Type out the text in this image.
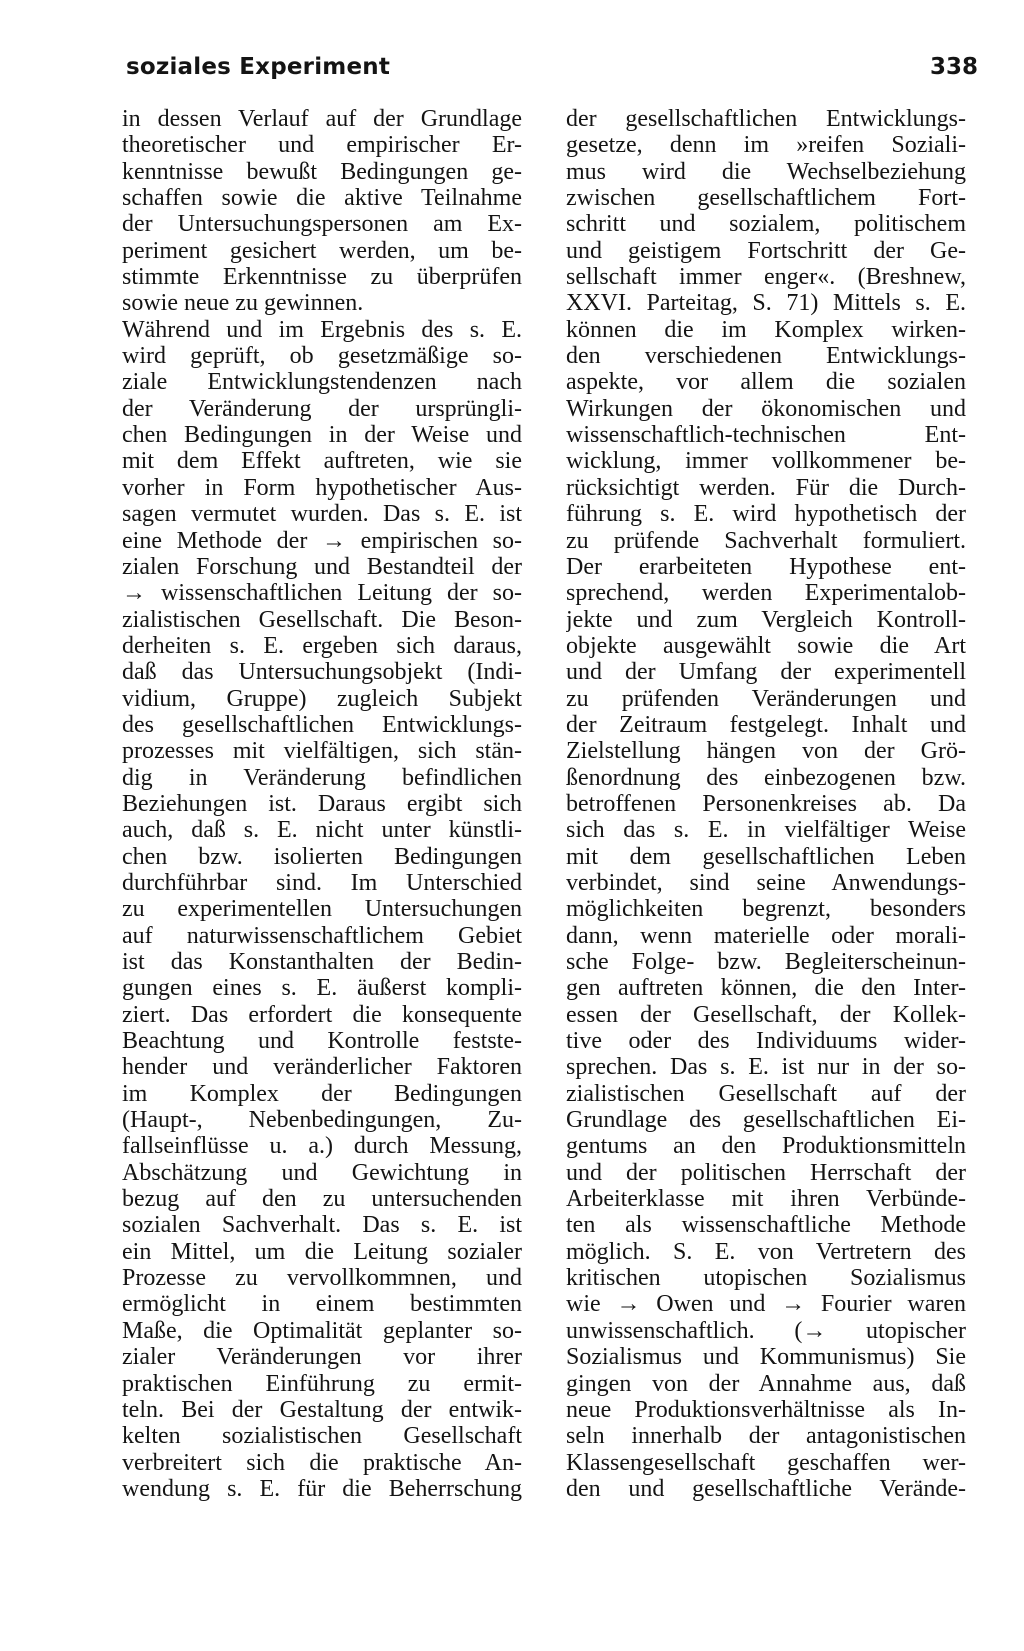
soziales Experiment	338
in dessen Verlauf auf der Grundlage
theoretischer und empirischer Er-
kenntnisse bewußt Bedingungen ge-
schaffen sowie die aktive Teilnahme
der Untersuchungspersonen am Ex-
periment gesichert werden, um be-
stimmte Erkenntnisse zu überprüfen
sowie neue zu gewinnen.
Während und im Ergebnis des s. E.
wird geprüft, ob gesetzmäßige so-
ziale Entwicklungstendenzen nach
der Veränderung der ursprüngli-
chen Bedingungen in der Weise und
mit dem Effekt auftreten, wie sie
vorher in Form hypothetischer Aus-
sagen vermutet wurden. Das s. E. ist
eine Methode der → empirischen so-
zialen Forschung und Bestandteil der
→ wissenschaftlichen Leitung der so-
zialistischen Gesellschaft. Die Beson-
derheiten s. E. ergeben sich daraus,
daß das Untersuchungsobjekt (Indi-
vidium, Gruppe) zugleich Subjekt
des gesellschaftlichen Entwicklungs-
prozesses mit vielfältigen, sich stän-
dig in Veränderung befindlichen
Beziehungen ist. Daraus ergibt sich
auch, daß s. E. nicht unter künstli-
chen bzw. isolierten Bedingungen
durchführbar sind. Im Unterschied
zu experimentellen Untersuchungen
auf naturwissenschaftlichem Gebiet
ist das Konstanthalten der Bedin-
gungen eines s. E. äußerst kompli-
ziert. Das erfordert die konsequente
Beachtung und Kontrolle festste-
hender und veränderlicher Faktoren
im Komplex der Bedingungen
(Haupt-, Nebenbedingungen, Zu-
fallseinflüsse u. a.) durch Messung,
Abschätzung und Gewichtung in
bezug auf den zu untersuchenden
sozialen Sachverhalt. Das s. E. ist
ein Mittel, um die Leitung sozialer
Prozesse zu vervollkommnen, und
ermöglicht in einem bestimmten
Maße, die Optimalität geplanter so-
zialer Veränderungen vor ihrer
praktischen Einführung zu ermit-
teln. Bei der Gestaltung der entwik-
kelten sozialistischen Gesellschaft
verbreitert sich die praktische An-
wendung s. E. für die Beherrschung
der gesellschaftlichen Entwicklungs-
gesetze, denn im »reifen Soziali-
mus wird die Wechselbeziehung
zwischen gesellschaftlichem Fort-
schritt und sozialem, politischem
und geistigem Fortschritt der Ge-
sellschaft immer enger«. (Breshnew,
XXVI. Parteitag, S. 71) Mittels s. E.
können die im Komplex wirken-
den verschiedenen Entwicklungs-
aspekte, vor allem die sozialen
Wirkungen der ökonomischen und
wissenschaftlich-technischen Ent-
wicklung, immer vollkommener be-
rücksichtigt werden. Für die Durch-
führung s. E. wird hypothetisch der
zu prüfende Sachverhalt formuliert.
Der erarbeiteten Hypothese ent-
sprechend, werden Experimentalob-
jekte und zum Vergleich Kontroll-
objekte ausgewählt sowie die Art
und der Umfang der experimentell
zu prüfenden Veränderungen und
der Zeitraum festgelegt. Inhalt und
Zielstellung hängen von der Grö-
ßenordnung des einbezogenen bzw.
betroffenen Personenkreises ab. Da
sich das s. E. in vielfältiger Weise
mit dem gesellschaftlichen Leben
verbindet, sind seine Anwendungs-
möglichkeiten begrenzt, besonders
dann, wenn materielle oder morali-
sche Folge- bzw. Begleiterscheinun-
gen auftreten können, die den Inter-
essen der Gesellschaft, der Kollek-
tive oder des Individuums wider-
sprechen. Das s. E. ist nur in der so-
zialistischen Gesellschaft auf der
Grundlage des gesellschaftlichen Ei-
gentums an den Produktionsmitteln
und der politischen Herrschaft der
Arbeiterklasse mit ihren Verbünde-
ten als wissenschaftliche Methode
möglich. S. E. von Vertretern des
kritischen utopischen Sozialismus
wie → Owen und → Fourier waren
unwissenschaftlich. (→ utopischer
Sozialismus und Kommunismus) Sie
gingen von der Annahme aus, daß
neue Produktionsverhältnisse als In-
seln innerhalb der antagonistischen
Klassengesellschaft geschaffen wer-
den und gesellschaftliche Verände-
